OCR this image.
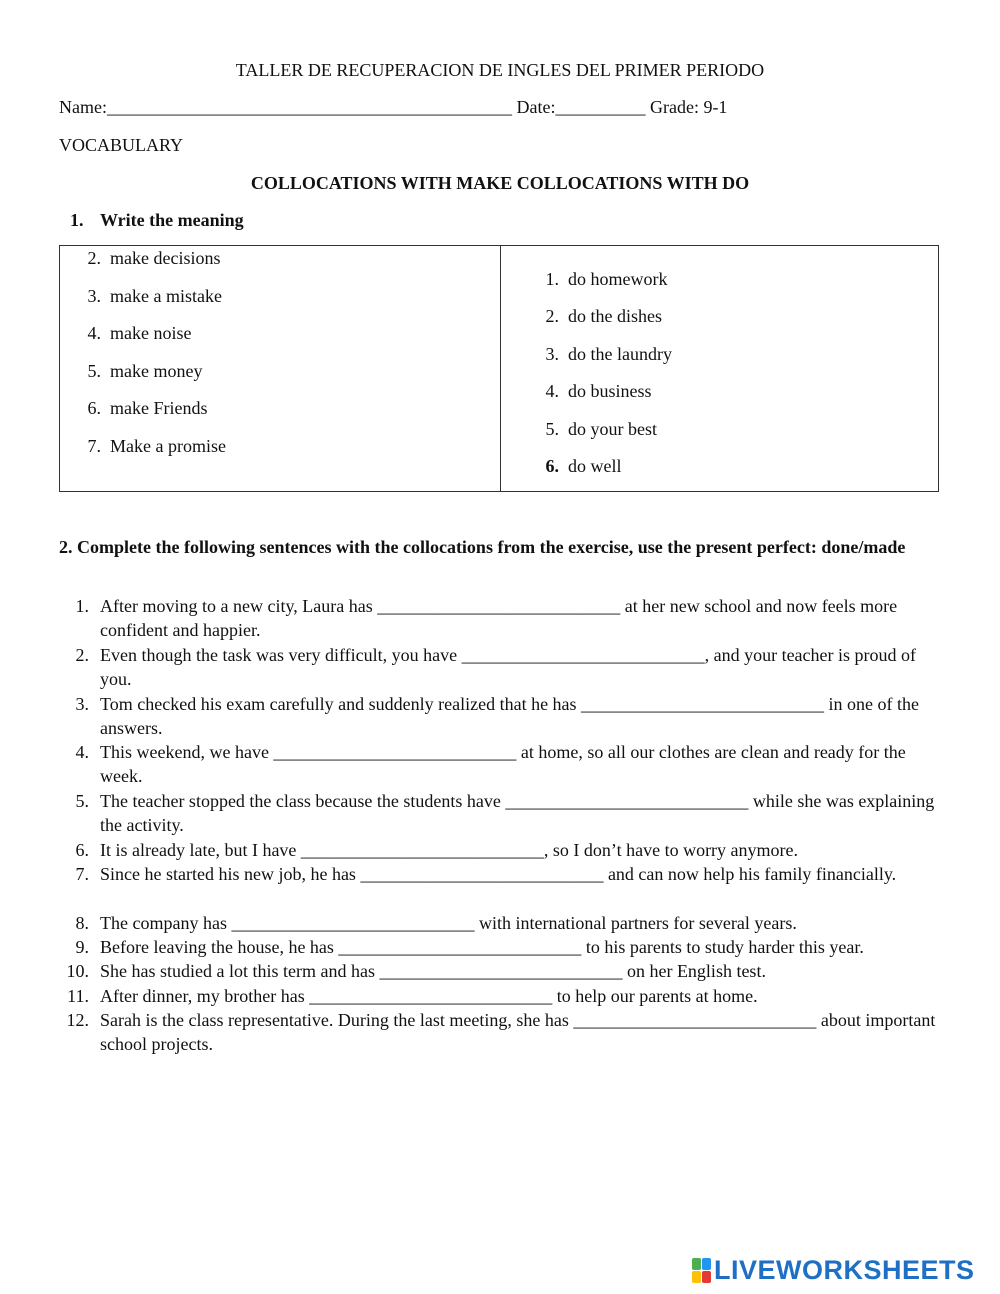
TALLER DE RECUPERACION DE INGLES DEL PRIMER PERIODO
Name:_____________________________________________ Date:__________ Grade: 9-1
VOCABULARY
COLLOCATIONS WITH MAKE COLLOCATIONS WITH DO
1. Write the meaning
2. make decisions
3. make a mistake
4. make noise
5. make money
6. make Friends
7. Make a promise
1. do homework
2. do the dishes
3. do the laundry
4. do business
5. do your best
6. do well
2. Complete the following sentences with the collocations from the exercise, use the present perfect: done/made
1. After moving to a new city, Laura has ___________________________ at her new school and now feels more confident and happier.
2. Even though the task was very difficult, you have ___________________________, and your teacher is proud of you.
3. Tom checked his exam carefully and suddenly realized that he has ___________________________ in one of the answers.
4. This weekend, we have ___________________________ at home, so all our clothes are clean and ready for the week.
5. The teacher stopped the class because the students have ___________________________ while she was explaining the activity.
6. It is already late, but I have ___________________________, so I don’t have to worry anymore.
7. Since he started his new job, he has ___________________________ and can now help his family financially.
8. The company has ___________________________ with international partners for several years.
9. Before leaving the house, he has ___________________________ to his parents to study harder this year.
10. She has studied a lot this term and has ___________________________ on her English test.
11. After dinner, my brother has ___________________________ to help our parents at home.
12. Sarah is the class representative. During the last meeting, she has ___________________________ about important school projects.
LIVEWORKSHEETS
